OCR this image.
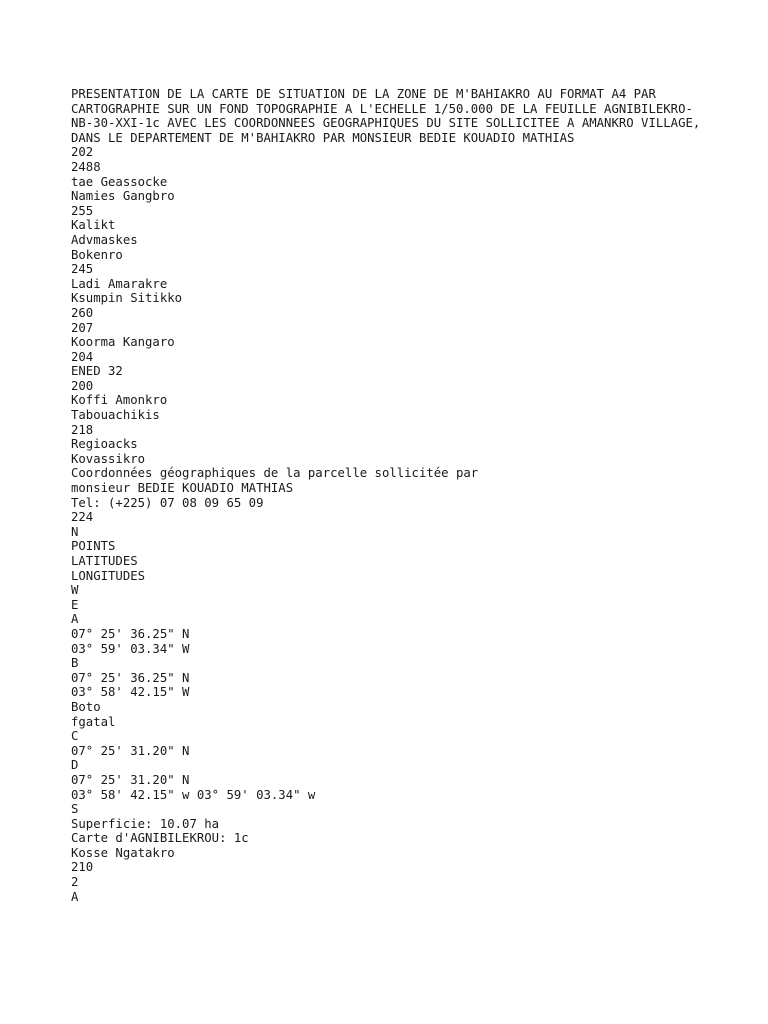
PRESENTATION DE LA CARTE DE SITUATION DE LA ZONE DE M'BAHIAKRO AU FORMAT A4 PAR CARTOGRAPHIE SUR UN FOND TOPOGRAPHIE A L'ECHELLE 1/50.000 DE LA FEUILLE AGNIBILEKRO-NB-30-XXI-1c AVEC LES COORDONNEES GEOGRAPHIQUES DU SITE SOLLICITEE A AMANKRO VILLAGE, DANS LE DEPARTEMENT DE M'BAHIAKRO PAR MONSIEUR BEDIE KOUADIO MATHIAS

202
2488
tae Geassocke
Namies Gangbro
255
Kalikt
Advmaskes
Bokenro
245
Ladi Amarakre
Ksumpin Sitikko
260
207
Koorma Kangaro
204
ENED 32
200
Koffi Amonkro
Tabouachikis
218
Regioacks
Kovassikro
Coordonnées géographiques de la parcelle sollicitée par
monsieur BEDIE KOUADIO MATHIAS
Tel: (+225) 07 08 09 65 09
224
N
POINTS
LATITUDES
LONGITUDES
W
E
A
07° 25' 36.25" N
03° 59' 03.34" W
B
07° 25' 36.25" N
03° 58' 42.15" W
Boto
fgatal
C
07° 25' 31.20" N
D
07° 25' 31.20" N
03° 58' 42.15" w 03° 59' 03.34" w
S
Superficie: 10.07 ha
Carte d'AGNIBILEKROU: 1c
Kosse Ngatakro
210
2
A
